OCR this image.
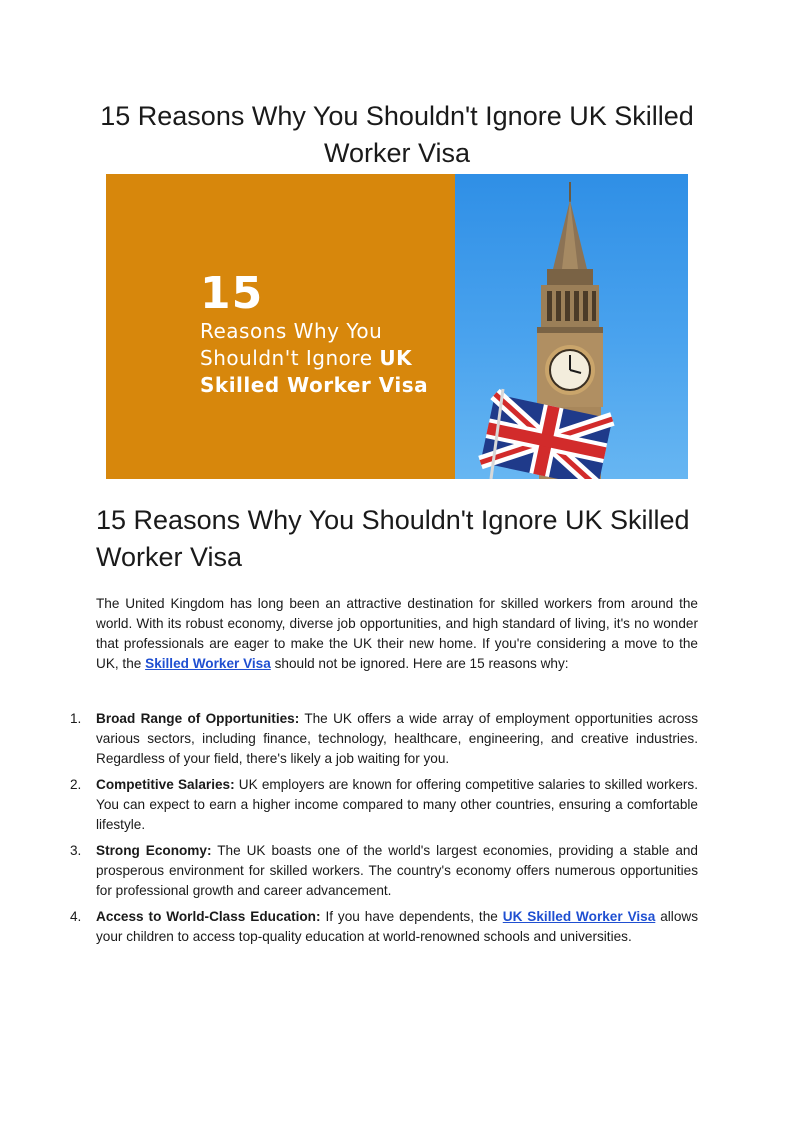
15 Reasons Why You Shouldn't Ignore UK Skilled Worker Visa
15
Reasons Why You
Shouldn't Ignore UK
Skilled Worker Visa
15 Reasons Why You Shouldn't Ignore UK Skilled Worker Visa

The United Kingdom has long been an attractive destination for skilled workers from around the world. With its robust economy, diverse job opportunities, and high standard of living, it's no wonder that professionals are eager to make the UK their new home. If you're considering a move to the UK, the Skilled Worker Visa should not be ignored. Here are 15 reasons why:

1. Broad Range of Opportunities: The UK offers a wide array of employment opportunities across various sectors, including finance, technology, healthcare, engineering, and creative industries. Regardless of your field, there's likely a job waiting for you.
2. Competitive Salaries: UK employers are known for offering competitive salaries to skilled workers. You can expect to earn a higher income compared to many other countries, ensuring a comfortable lifestyle.
3. Strong Economy: The UK boasts one of the world's largest economies, providing a stable and prosperous environment for skilled workers. The country's economy offers numerous opportunities for professional growth and career advancement.
4. Access to World-Class Education: If you have dependents, the UK Skilled Worker Visa allows your children to access top-quality education at world-renowned schools and universities.
